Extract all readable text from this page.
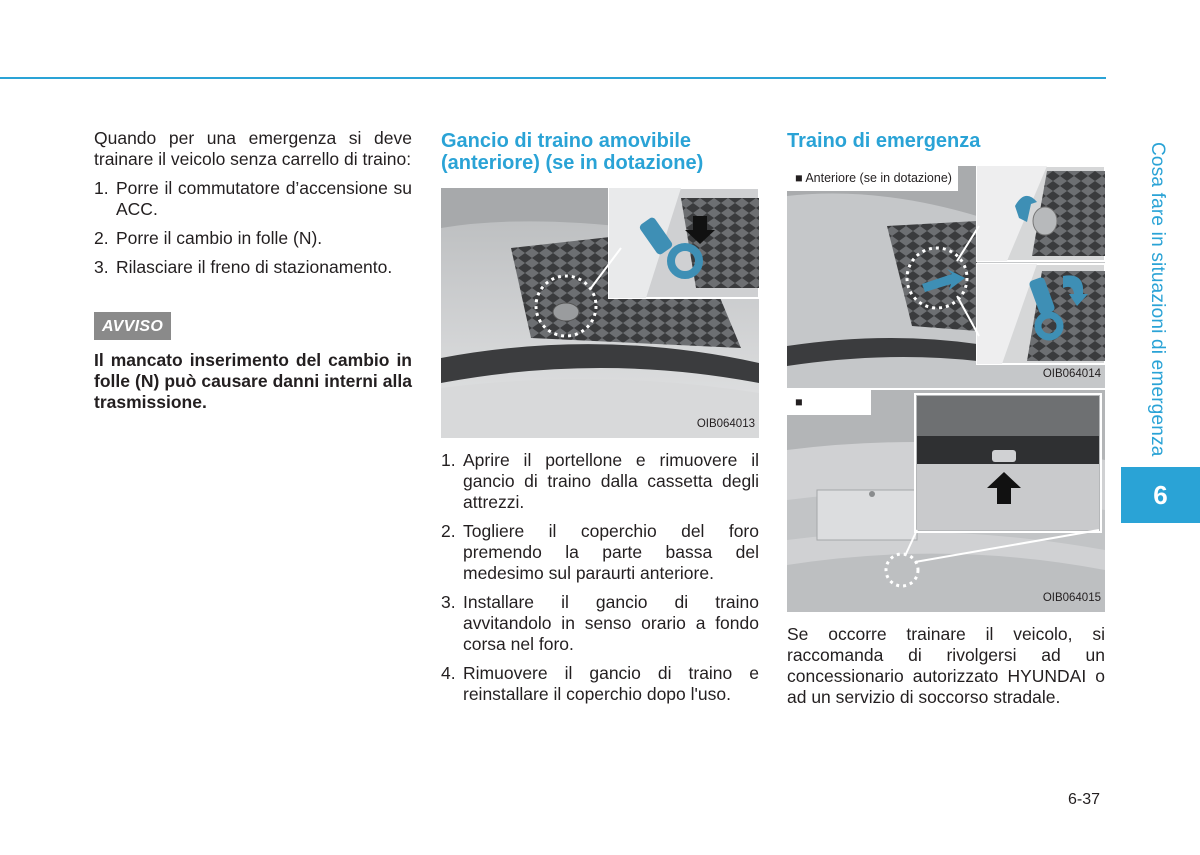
Quando per una emergenza si deve trainare il veicolo senza carrello di traino:

1. Porre il commutatore d’accensione su ACC.
2. Porre il cambio in folle (N).
3. Rilasciare il freno di stazionamento.
AVVISO
Il mancato inserimento del cambio in folle (N) può causare danni interni alla trasmissione.
Gancio di traino amovibile (anteriore) (se in dotazione)
OIB064013
1. Aprire il portellone e rimuovere il gancio di traino dalla cassetta degli attrezzi.
2. Togliere il coperchio del foro premendo la parte bassa del medesimo sul paraurti anteriore.
3. Installare il gancio di traino avvitandolo in senso orario a fondo corsa nel foro.
4. Rimuovere il gancio di traino e reinstallare il coperchio dopo l'uso.
Traino di emergenza
■ Anteriore (se in dotazione)
OIB064014
■
OIB064015

Se occorre trainare il veicolo, si raccomanda di rivolgersi ad un concessionario autorizzato HYUNDAI o ad un servizio di soccorso stradale.

Cosa fare in situazioni di emergenza
6
6-37
